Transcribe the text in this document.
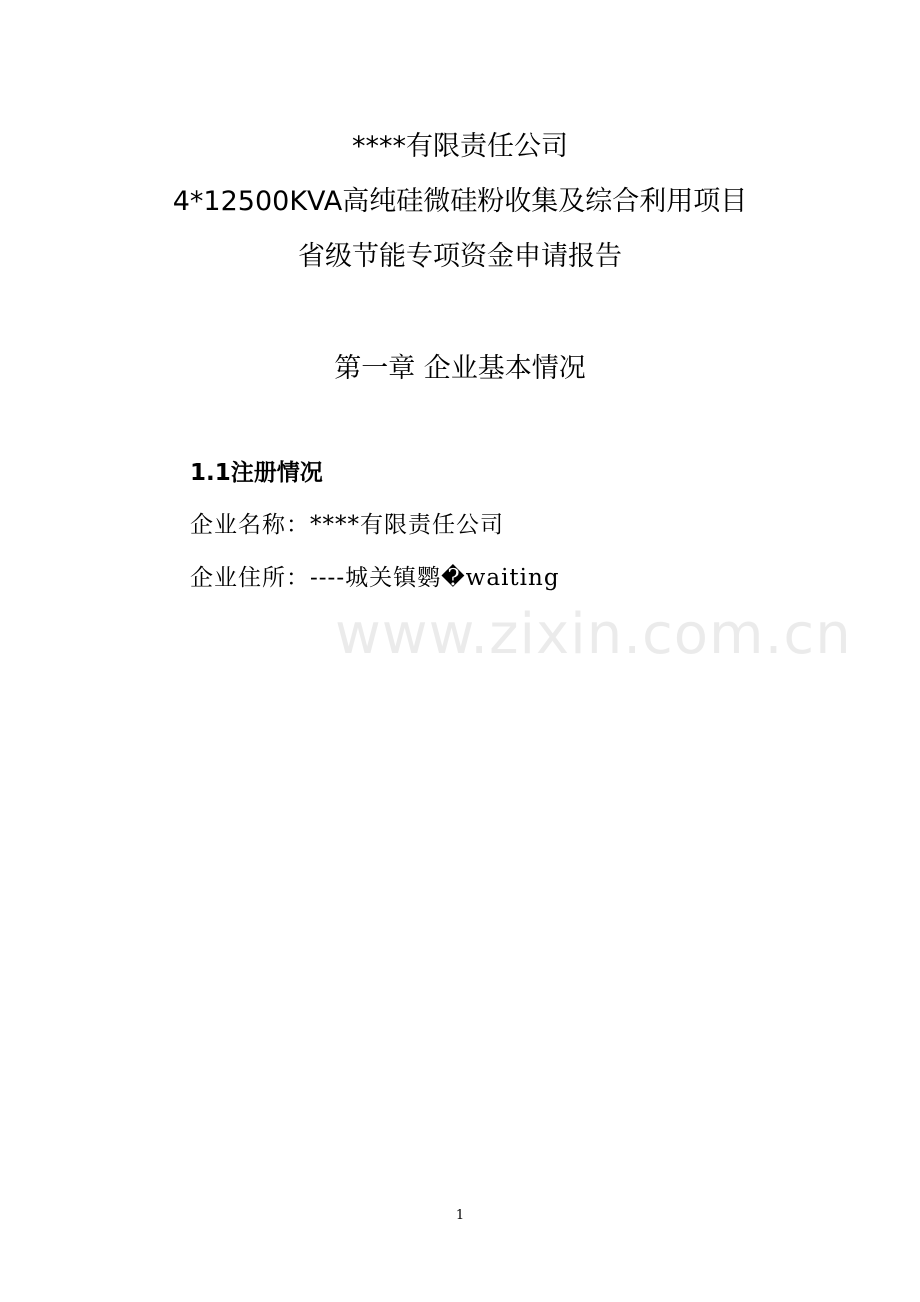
****有限责任公司
4*12500KVA高纯硅微硅粉收集及综合利用项目
省级节能专项资金申请报告
第一章 企业基本情况
1.1注册情况
企业名称：****有限责任公司
企业住所：----城关镇鹦�waiting
www.zixin.com.cn
1
